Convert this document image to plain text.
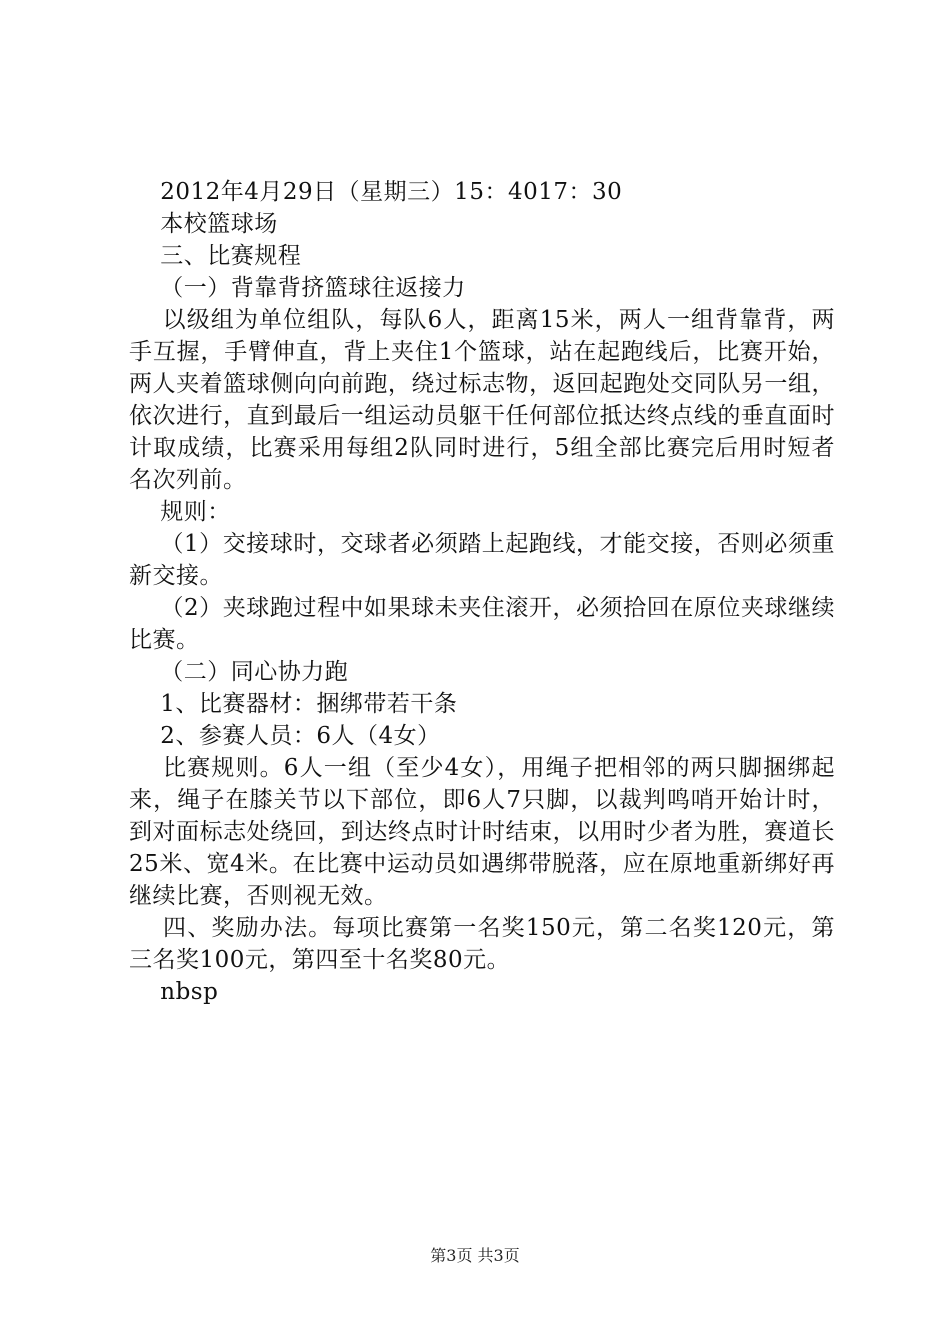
2012年4月29日（星期三）15：4017：30

本校篮球场

三、比赛规程

（一）背靠背挤篮球往返接力

以级组为单位组队，每队6人，距离15米，两人一组背靠背，两手互握，手臂伸直，背上夹住1个篮球，站在起跑线后，比赛开始，两人夹着篮球侧向向前跑，绕过标志物，返回起跑处交同队另一组，依次进行，直到最后一组运动员躯干任何部位抵达终点线的垂直面时计取成绩，比赛采用每组2队同时进行，5组全部比赛完后用时短者名次列前。

规则：

（1）交接球时，交球者必须踏上起跑线，才能交接，否则必须重新交接。

（2）夹球跑过程中如果球未夹住滚开，必须拾回在原位夹球继续比赛。

（二）同心协力跑

1、比赛器材：捆绑带若干条

2、参赛人员：6人（4女）

比赛规则。6人一组（至少4女），用绳子把相邻的两只脚捆绑起来，绳子在膝关节以下部位，即6人7只脚，以裁判鸣哨开始计时，到对面标志处绕回，到达终点时计时结束，以用时少者为胜，赛道长25米、宽4米。在比赛中运动员如遇绑带脱落，应在原地重新绑好再继续比赛，否则视无效。

四、奖励办法。每项比赛第一名奖150元，第二名奖120元，第三名奖100元，第四至十名奖80元。

nbsp

第3页 共3页
